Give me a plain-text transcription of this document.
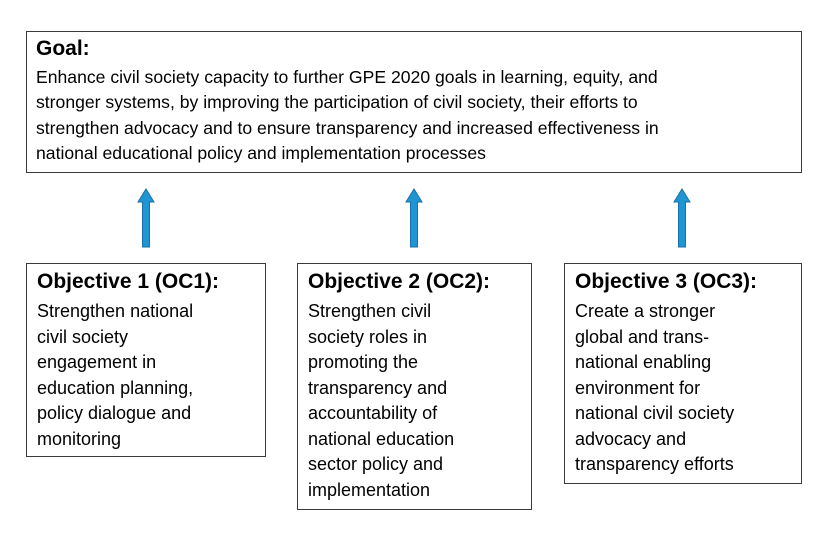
Goal:
Enhance civil society capacity to further GPE 2020 goals in learning, equity, and
stronger systems, by improving the participation of civil society, their efforts to
strengthen advocacy and to ensure transparency and increased effectiveness in
national educational policy and implementation processes
Objective 1 (OC1):
Strengthen national
civil society
engagement in
education planning,
policy dialogue and
monitoring
Objective 2 (OC2):
Strengthen civil
society roles in
promoting the
transparency and
accountability of
national education
sector policy and
implementation
Objective 3 (OC3):
Create a stronger
global and trans-
national enabling
environment for
national civil society
advocacy and
transparency efforts
